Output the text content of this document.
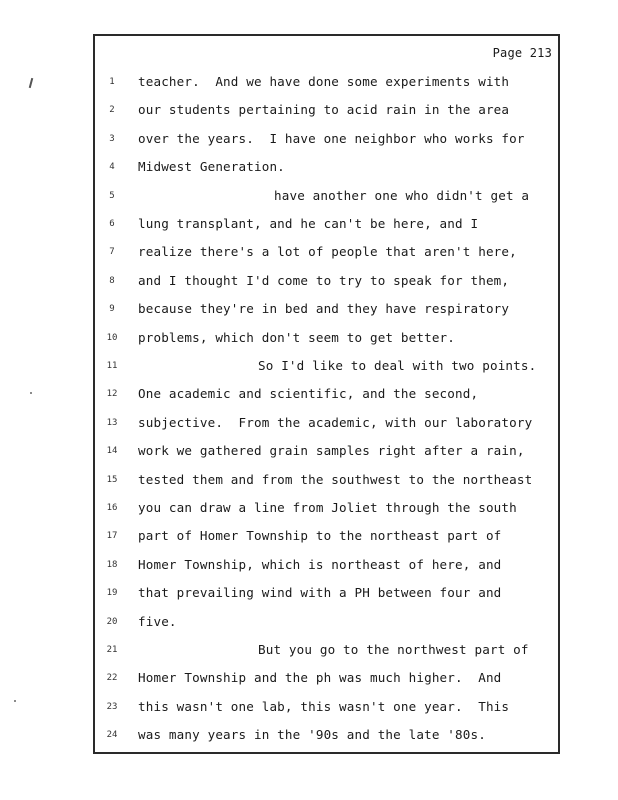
Page 213
1	teacher.  And we have done some experiments with
2	our students pertaining to acid rain in the area
3	over the years.  I have one neighbor who works for
4	Midwest Generation.
5	have another one who didn't get a
6	lung transplant, and he can't be here, and I
7	realize there's a lot of people that aren't here,
8	and I thought I'd come to try to speak for them,
9	because they're in bed and they have respiratory
10 problems, which don't seem to get better.
11	So I'd like to deal with two points.
12 One academic and scientific, and the second,
13 subjective.  From the academic, with our laboratory
14 work we gathered grain samples right after a rain,
15 tested them and from the southwest to the northeast
16 you can draw a line from Joliet through the south
17 part of Homer Township to the northeast part of
18 Homer Township, which is northeast of here, and
19 that prevailing wind with a PH between four and
20 five.
21	But you go to the northwest part of
22 Homer Township and the ph was much higher.  And
23 this wasn't one lab, this wasn't one year.  This
24 was many years in the '90s and the late '80s.
